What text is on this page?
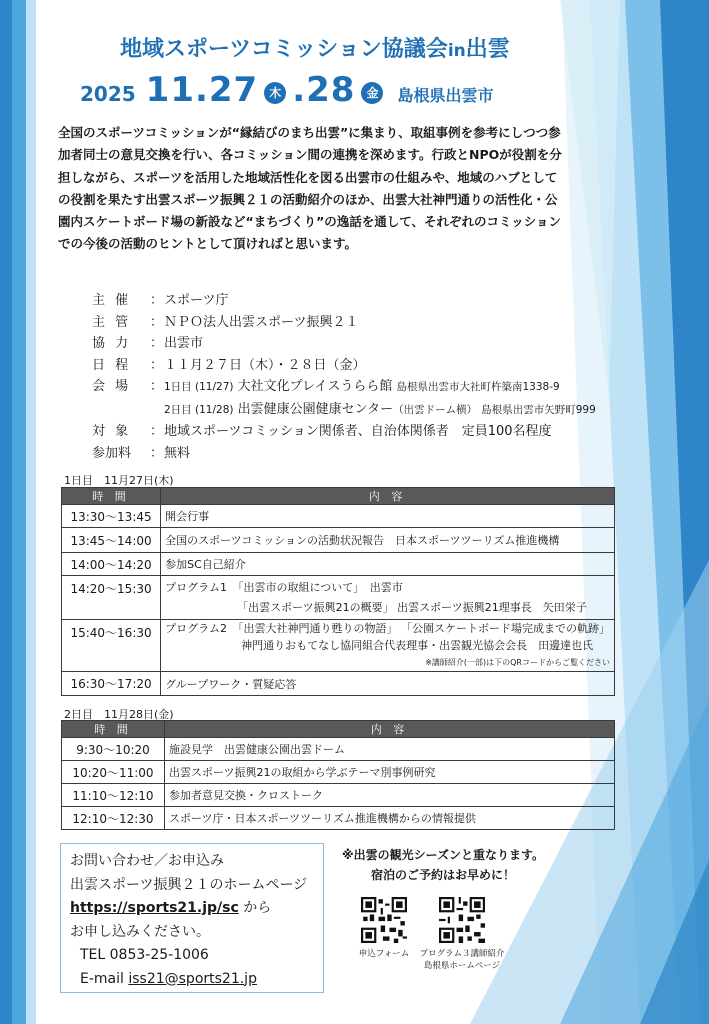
地域スポーツコミッション協議会in出雲
2025 11.27 木 .28 金	島根県出雲市

全国のスポーツコミッションが“縁結びのまち出雲”に集まり、取組事例を参考にしつつ参加者同士の意見交換を行い、各コミッション間の連携を深めます。行政とNPOが役割を分担しながら、スポーツを活用した地域活性化を図る出雲市の仕組みや、地域のハブとしての役割を果たす出雲スポーツ振興２１の活動紹介のほか、出雲大社神門通りの活性化・公園内スケートボード場の新設など“まちづくり”の逸話を通して、それぞれのコミッションでの今後の活動のヒントとして頂ければと思います。

主 催	： スポーツ庁
主 管	： ＮＰＯ法人出雲スポーツ振興２１
協 力	： 出雲市
日 程	： １１月２７日（木）・２８日（金）
会 場	： 1日目 (11/27) 大社文化プレイスうらら館 島根県出雲市大社町杵築南1338-9
2日目 (11/28) 出雲健康公園健康センター（出雲ドーム横） 島根県出雲市矢野町999
対 象	： 地域スポーツコミッション関係者、自治体関係者　定員100名程度
参加料	： 無料
1日目　11月27日(木)
時 間	内 容
13:30～13:45	開会行事
13:45～14:00	全国のスポーツコミッションの活動状況報告　日本スポーツツーリズム推進機構
14:00～14:20	参加SC自己紹介
14:20～15:30	プログラム1　「出雲市の取組について」　出雲市
「出雲スポーツ振興21の概要」 出雲スポーツ振興21理事長　矢田栄子

15:40～16:30	プログラム2　「出雲大社神門通り甦りの物語」 「公園スケートボード場完成までの軌跡」
神門通りおもてなし協同組合代表理事・出雲観光協会会長　田邊達也氏
※講師紹介(一部)は下のQRコードからご覧ください

16:30～17:20	グループワーク・質疑応答
2日目　11月28日(金)
時 間	内 容
9:30～10:20	施設見学　出雲健康公園出雲ドーム
10:20～11:00	出雲スポーツ振興21の取組から学ぶテーマ別事例研究
11:10～12:10	参加者意見交換・クロストーク
12:10～12:30	スポーツ庁・日本スポーツツーリズム推進機構からの情報提供
お問い合わせ／お申込み
出雲スポーツ振興２１のホームページ
https://sports21.jp/sc から
お申し込みください。
TEL 0853-25-1006
E-mail iss21@sports21.jp
※出雲の観光シーズンと重なります。
宿泊のご予約はお早めに！
申込フォーム	プログラム３講師紹介
島根県ホームページ
